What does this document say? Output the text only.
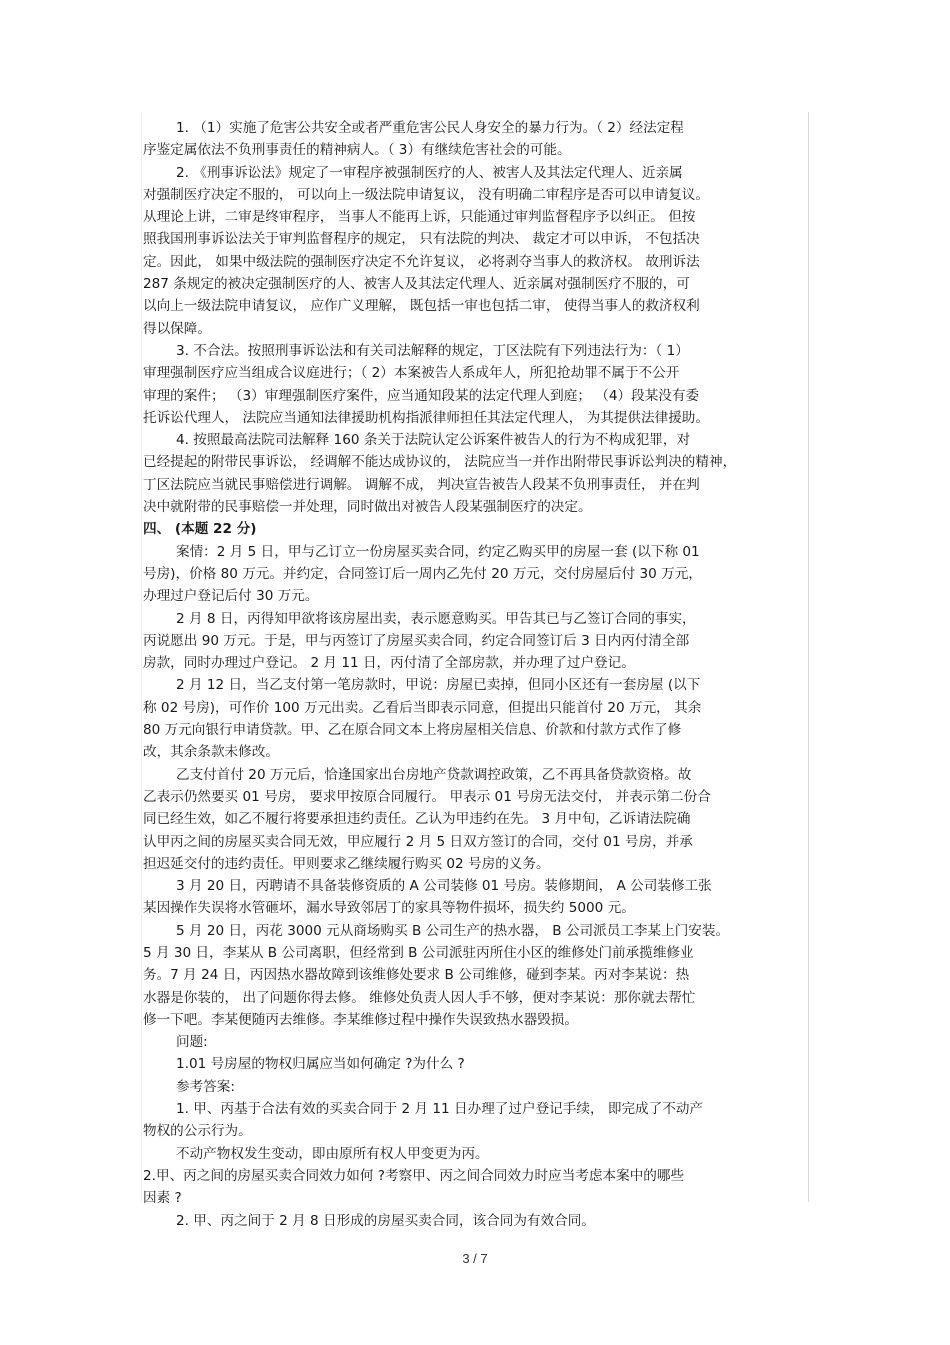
1. （1）实施了危害公共安全或者严重危害公民人身安全的暴力行为。（ 2）经法定程
序鉴定属依法不负刑事责任的精神病人。（ 3）有继续危害社会的可能。
2. 《刑事诉讼法》规定了一审程序被强制医疗的人、被害人及其法定代理人、近亲属
对强制医疗决定不服的， 可以向上一级法院申请复议， 没有明确二审程序是否可以申请复议。
从理论上讲，二审是终审程序， 当事人不能再上诉，只能通过审判监督程序予以纠正。 但按
照我国刑事诉讼法关于审判监督程序的规定， 只有法院的判决、 裁定才可以申诉， 不包括决
定。因此， 如果中级法院的强制医疗决定不允许复议， 必将剥夺当事人的救济权。 故刑诉法
287 条规定的被决定强制医疗的人、被害人及其法定代理人、近亲属对强制医疗不服的，可
以向上一级法院申请复议， 应作广义理解， 既包括一审也包括二审， 使得当事人的救济权利
得以保障。
3. 不合法。按照刑事诉讼法和有关司法解释的规定，丁区法院有下列违法行为：（ 1）
审理强制医疗应当组成合议庭进行；（ 2）本案被告人系成年人，所犯抢劫罪不属于不公开
审理的案件； （3）审理强制医疗案件，应当通知段某的法定代理人到庭； （4）段某没有委
托诉讼代理人， 法院应当通知法律援助机构指派律师担任其法定代理人， 为其提供法律援助。
4. 按照最高法院司法解释 160 条关于法院认定公诉案件被告人的行为不构成犯罪，对
已经提起的附带民事诉讼， 经调解不能达成协议的， 法院应当一并作出附带民事诉讼判决的精神，
丁区法院应当就民事赔偿进行调解。 调解不成， 判决宣告被告人段某不负刑事责任， 并在判
决中就附带的民事赔偿一并处理，同时做出对被告人段某强制医疗的决定。
四、 (本题 22 分)
案情：2 月 5 日，甲与乙订立一份房屋买卖合同，约定乙购买甲的房屋一套 (以下称 01
号房)，价格 80 万元。并约定，合同签订后一周内乙先付 20 万元，交付房屋后付 30 万元，
办理过户登记后付 30 万元。
2 月 8 日，丙得知甲欲将该房屋出卖，表示愿意购买。甲告其已与乙签订合同的事实，
丙说愿出 90 万元。于是，甲与丙签订了房屋买卖合同，约定合同签订后 3 日内丙付清全部
房款，同时办理过户登记。 2 月 11 日，丙付清了全部房款，并办理了过户登记。
2 月 12 日，当乙支付第一笔房款时，甲说：房屋已卖掉，但同小区还有一套房屋 (以下
称 02 号房)，可作价 100 万元出卖。乙看后当即表示同意，但提出只能首付 20 万元， 其余
80 万元向银行申请贷款。甲、乙在原合同文本上将房屋相关信息、价款和付款方式作了修
改，其余条款未修改。
乙支付首付 20 万元后，恰逢国家出台房地产贷款调控政策，乙不再具备贷款资格。故
乙表示仍然要买 01 号房， 要求甲按原合同履行。 甲表示 01 号房无法交付， 并表示第二份合
同已经生效，如乙不履行将要承担违约责任。乙认为甲违约在先。 3 月中旬，乙诉请法院确
认甲丙之间的房屋买卖合同无效，甲应履行 2 月 5 日双方签订的合同，交付 01 号房，并承
担迟延交付的违约责任。甲则要求乙继续履行购买 02 号房的义务。
3 月 20 日，丙聘请不具备装修资质的 A 公司装修 01 号房。装修期间， A 公司装修工张
某因操作失误将水管砸坏，漏水导致邻居丁的家具等物件损坏，损失约 5000 元。
5 月 20 日，丙花 3000 元从商场购买 B 公司生产的热水器， B 公司派员工李某上门安装。
5 月 30 日，李某从 B 公司离职，但经常到 B 公司派驻丙所住小区的维修处门前承揽维修业
务。7 月 24 日，丙因热水器故障到该维修处要求 B 公司维修，碰到李某。丙对李某说：热
水器是你装的， 出了问题你得去修。 维修处负责人因人手不够，便对李某说：那你就去帮忙
修一下吧。李某便随丙去维修。李某维修过程中操作失误致热水器毁损。
问题:
1.01 号房屋的物权归属应当如何确定 ?为什么 ?
参考答案:
1. 甲、丙基于合法有效的买卖合同于 2 月 11 日办理了过户登记手续， 即完成了不动产
物权的公示行为。
不动产物权发生变动，即由原所有权人甲变更为丙。
2.甲、丙之间的房屋买卖合同效力如何 ?考察甲、丙之间合同效力时应当考虑本案中的哪些
因素 ?
2. 甲、丙之间于 2 月 8 日形成的房屋买卖合同，该合同为有效合同。
3 / 7
